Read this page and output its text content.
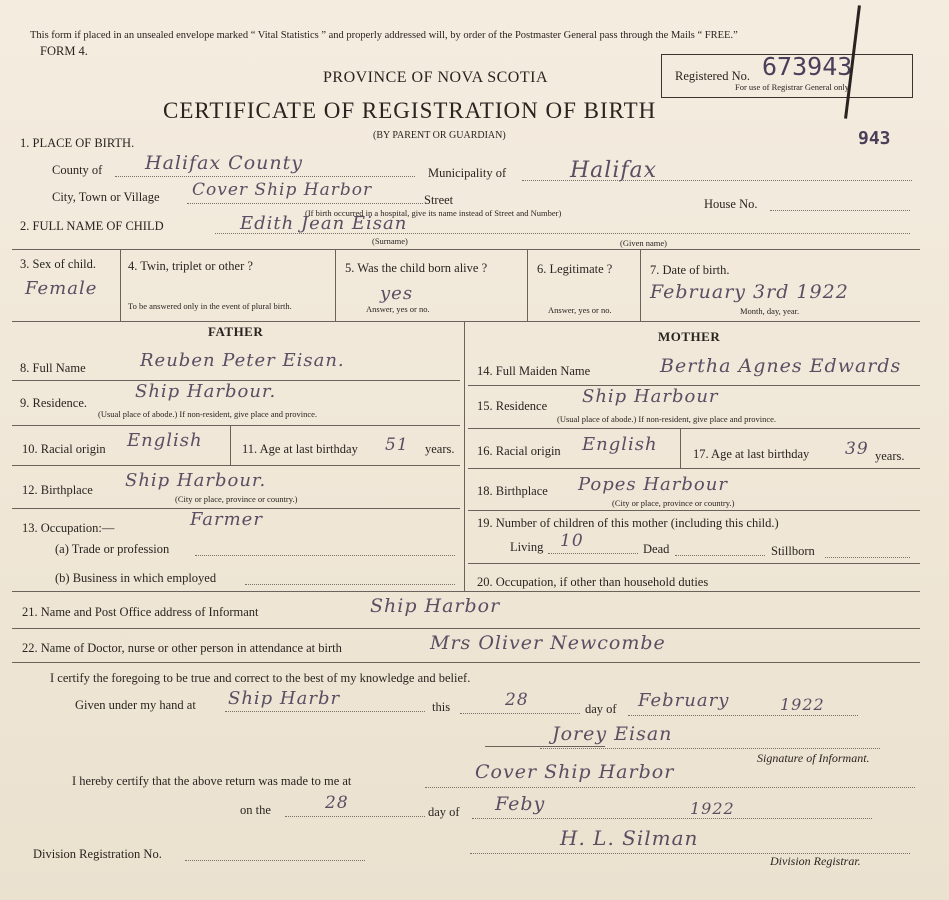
This form if placed in an unsealed envelope marked “ Vital Statistics ” and properly addressed will, by order of the Postmaster General pass through the Mails “ FREE.”
FORM 4.
PROVINCE OF NOVA SCOTIA
CERTIFICATE OF REGISTRATION OF BIRTH
(BY PARENT OR GUARDIAN)
Registered No. 673943
For use of Registrar General only.
943
1. PLACE OF BIRTH.
County of Halifax County	Municipality of	Halifax
City, Town or Village Cover Ship Harbor	Street
(If birth occurred in a hospital, give its name instead of Street and Number)
House No.
2. FULL NAME OF CHILD	Edith Jean Eisan
(Surname)	(Given name)
3. Sex of child.
Female
4. Twin, triplet or other ?
To be answered only in the event of plural birth.
5. Was the child born alive ?
yes
Answer, yes or no.
6. Legitimate ?
Answer, yes or no.
7. Date of birth.
February 3rd 1922
Month, day, year.
FATHER	MOTHER
8. Full Name	Reuben Peter Eisan.
9. Residence.
Ship Harbour.
(Usual place of abode.) If non-resident, give place and province.
10. Racial origin English	11. Age at last birthday 51 years.
12. Birthplace Ship Harbour.
(City or place, province or country.)
13. Occupation:—	Farmer
(a) Trade or profession
(b) Business in which employed
14. Full Maiden Name	Bertha Agnes Edwards
15. Residence Ship Harbour
(Usual place of abode.) If non-resident, give place and province.
16. Racial origin English	17. Age at last birthday 39 years.
18. Birthplace Popes Harbour
(City or place, province or country.)
19. Number of children of this mother (including this child.)
Living 10	Dead	Stillborn
20. Occupation, if other than household duties
21. Name and Post Office address of Informant	Ship Harbor
22. Name of Doctor, nurse or other person in attendance at birth	Mrs Oliver Newcombe
I certify the foregoing to be true and correct to the best of my knowledge and belief.
Given under my hand at Ship Harbr	this	28	day of February	1922
Jorey Eisan
Signature of Informant.
I hereby certify that the above return was made to me at	Cover Ship Harbor
on the	28	day of Feby	1922
Division Registration No.
H. L. Silman
Division Registrar.
